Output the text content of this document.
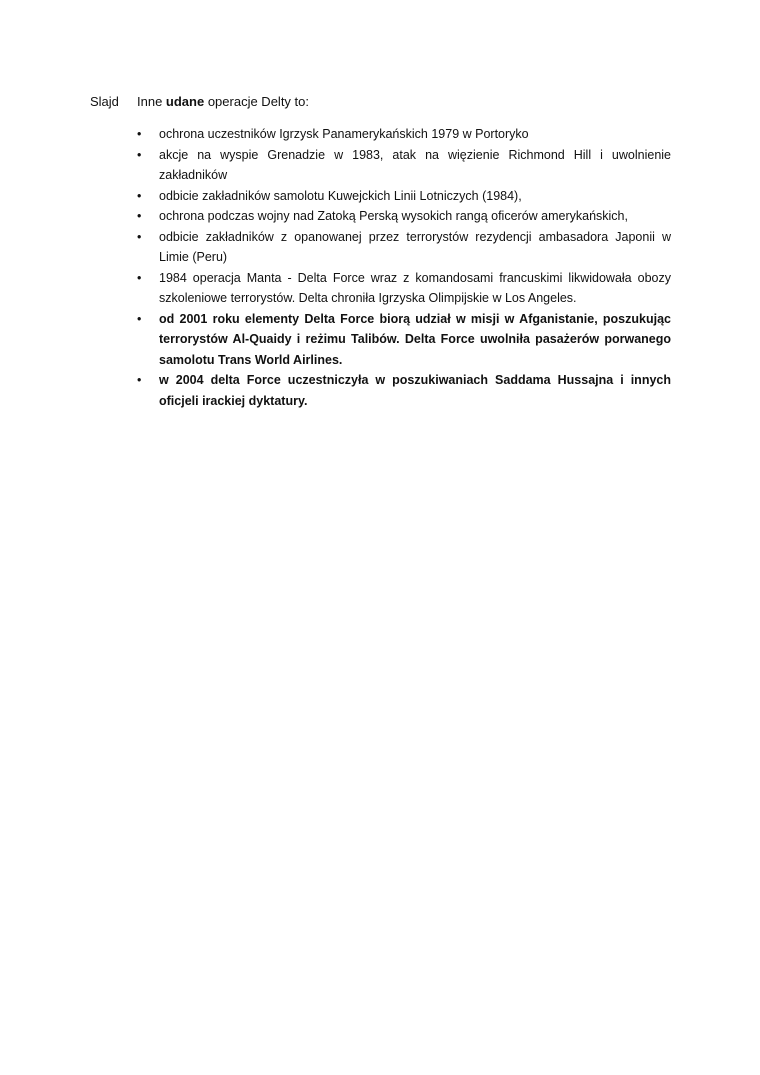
Slajd Inne udane operacje Delty to:

•	ochrona uczestników Igrzysk Panamerykańskich 1979 w Portoryko
•	akcje na wyspie Grenadzie w 1983, atak na więzienie Richmond Hill i uwolnienie zakładników
•	odbicie zakładników samolotu Kuwejckich Linii Lotniczych (1984),
•	ochrona podczas wojny nad Zatoką Perską wysokich rangą oficerów amerykańskich,
•	odbicie zakładników z opanowanej przez terrorystów rezydencji ambasadora Japonii w Limie (Peru)
•	1984 operacja Manta - Delta Force wraz z komandosami francuskimi likwidowała obozy szkoleniowe terrorystów. Delta chroniła Igrzyska Olimpijskie w Los Angeles.
•	od 2001 roku elementy Delta Force biorą udział w misji w Afganistanie, poszukując terrorystów Al-Quaidy i reżimu Talibów. Delta Force uwolniła pasażerów porwanego samolotu Trans World Airlines.
•	w 2004 delta Force uczestniczyła w poszukiwaniach Saddama Hussajna i innych oficjeli irackiej dyktatury.
